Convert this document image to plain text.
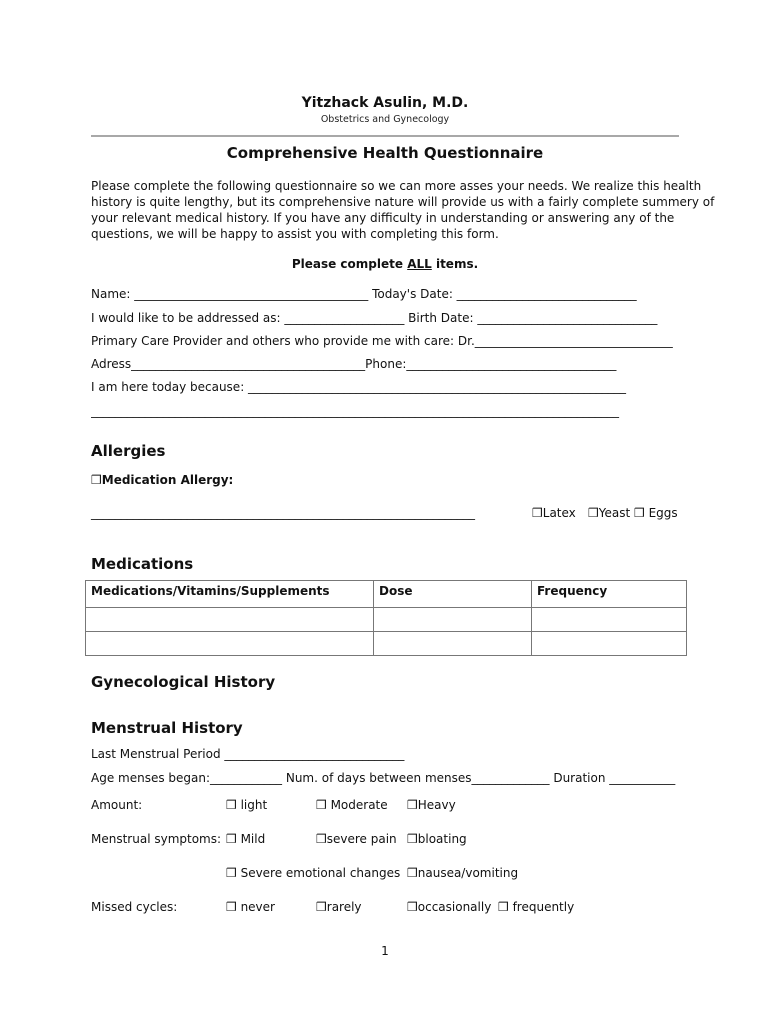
Yitzhack Asulin, M.D.
Obstetrics and Gynecology
Comprehensive Health Questionnaire
Please complete the following questionnaire so we can more asses your needs. We realize this health
history is quite lengthy, but its comprehensive nature will provide us with a fairly complete summery of
your relevant medical history. If you have any difficulty in understanding or answering any of the
questions, we will be happy to assist you with completing this form.
Please complete ALL items.
Name: _______________________________________ Today's Date: ______________________________
I would like to be addressed as: ____________________ Birth Date: ______________________________
Primary Care Provider and others who provide me with care: Dr._________________________________
Adress_______________________________________Phone:___________________________________
I am here today because: _______________________________________________________________
________________________________________________________________________________________
Allergies
❒Medication Allergy:
________________________________________________________________	❒Latex ❒Yeast ❒ Eggs
Medications
Medications/Vitamins/Supplements	Dose	Frequency

Gynecological History
Menstrual History
Last Menstrual Period ______________________________
Age menses began:____________ Num. of days between menses_____________ Duration ___________
Amount:	❒ light	❒ Moderate ❒Heavy
Menstrual symptoms: ❒ Mild	❒severe pain ❒bloating
❒ Severe emotional changes ❒nausea/vomiting
Missed cycles:	❒ never	❒rarely	❒occasionally ❒ frequently
1
